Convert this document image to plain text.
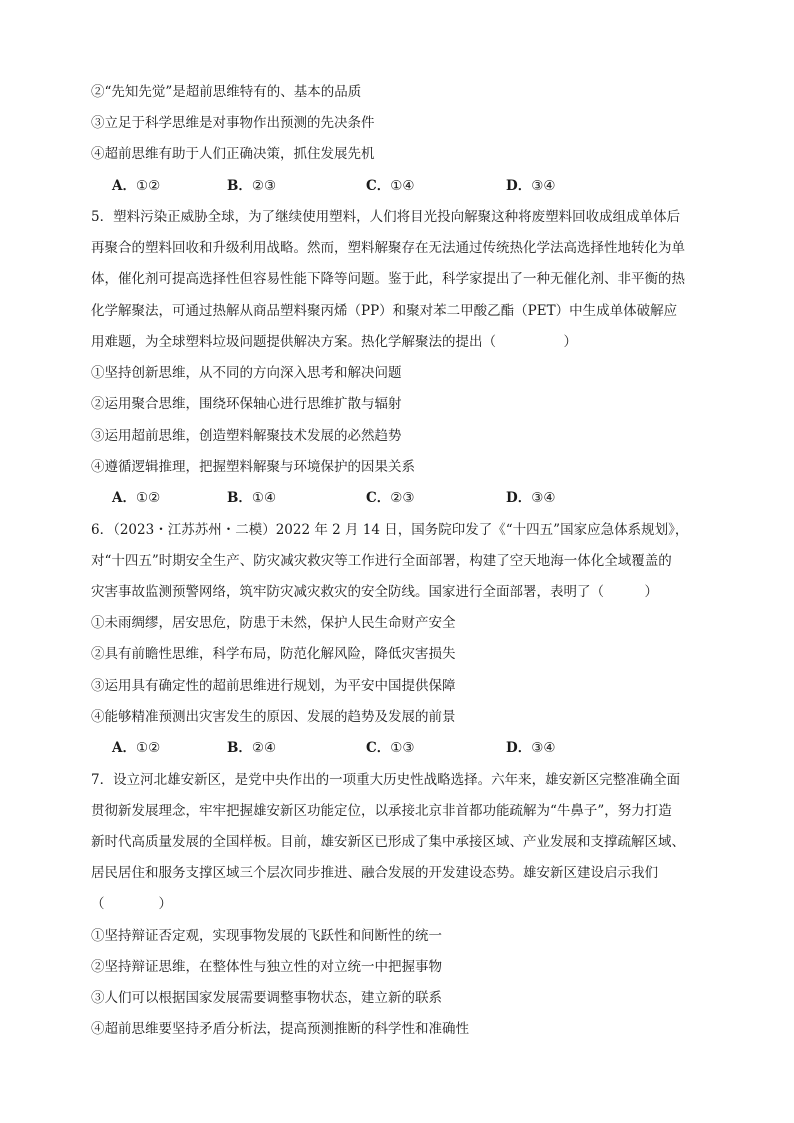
②“先知先觉”是超前思维特有的、基本的品质
③立足于科学思维是对事物作出预测的先决条件
④超前思维有助于人们正确决策，抓住发展先机
A．①②	B．②③	C．①④	D．③④
5．塑料污染正威胁全球，为了继续使用塑料，人们将目光投向解聚这种将废塑料回收成组成单体后
再聚合的塑料回收和升级利用战略。然而，塑料解聚存在无法通过传统热化学法高选择性地转化为单
体，催化剂可提高选择性但容易性能下降等问题。鉴于此，科学家提出了一种无催化剂、非平衡的热
化学解聚法，可通过热解从商品塑料聚丙烯（PP）和聚对苯二甲酸乙酯（PET）中生成单体破解应
用难题，为全球塑料垃圾问题提供解决方案。热化学解聚法的提出（　　　　　）
①坚持创新思维，从不同的方向深入思考和解决问题
②运用聚合思维，围绕环保轴心进行思维扩散与辐射
③运用超前思维，创造塑料解聚技术发展的必然趋势
④遵循逻辑推理，把握塑料解聚与环境保护的因果关系
A．①②	B．①④	C．②③	D．③④
6．（2023・江苏苏州・二模）2022 年 2 月 14 日，国务院印发了《“十四五”国家应急体系规划》，
对“十四五”时期安全生产、防灾减灾救灾等工作进行全面部署，构建了空天地海一体化全域覆盖的
灾害事故监测预警网络，筑牢防灾减灾救灾的安全防线。国家进行全面部署，表明了（　　　）
①未雨绸缪，居安思危，防患于未然，保护人民生命财产安全
②具有前瞻性思维，科学布局，防范化解风险，降低灾害损失
③运用具有确定性的超前思维进行规划，为平安中国提供保障
④能够精准预测出灾害发生的原因、发展的趋势及发展的前景
A．①②	B．②④	C．①③	D．③④
7．设立河北雄安新区，是党中央作出的一项重大历史性战略选择。六年来，雄安新区完整准确全面
贯彻新发展理念，牢牢把握雄安新区功能定位，以承接北京非首都功能疏解为“牛鼻子”，努力打造
新时代高质量发展的全国样板。目前，雄安新区已形成了集中承接区域、产业发展和支撑疏解区域、
居民居住和服务支撑区域三个层次同步推进、融合发展的开发建设态势。雄安新区建设启示我们
（　　　　）
①坚持辩证否定观，实现事物发展的飞跃性和间断性的统一
②坚持辩证思维，在整体性与独立性的对立统一中把握事物
③人们可以根据国家发展需要调整事物状态，建立新的联系
④超前思维要坚持矛盾分析法，提高预测推断的科学性和准确性
